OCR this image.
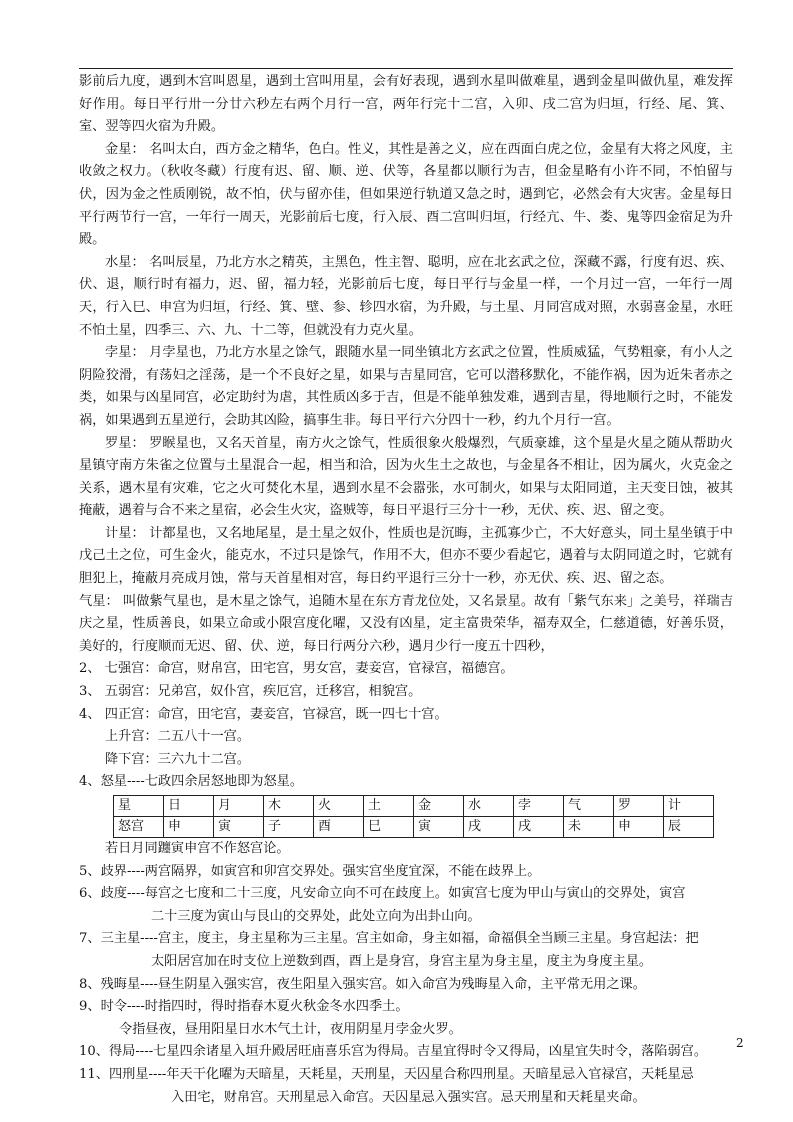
影前后九度，遇到木宫叫恩星，遇到土宫叫用星，会有好表现，遇到水星叫做难星，遇到金星叫做仇星，难发挥好作用。每日平行卅一分廿六秒左右两个月行一宫，两年行完十二宫，入卯、戌二宫为归垣，行经、尾、箕、室、翌等四火宿为升殿。

金星： 名叫太白，西方金之精华，色白。性义，其性是善之义，应在西面白虎之位，金星有大将之风度，主收敛之权力。（秋收冬藏）行度有迟、留、顺、逆、伏等，各星都以顺行为吉，但金星略有小许不同，不怕留与伏，因为金之性质刚锐，故不怕，伏与留亦佳，但如果逆行轨道又急之时，遇到它，必然会有大灾害。金星每日平行两节行一宫，一年行一周天，光影前后七度，行入辰、酉二宫叫归垣，行经亢、牛、娄、鬼等四金宿足为升殿。

水星： 名叫辰星，乃北方水之精英，主黑色，性主智、聪明，应在北玄武之位，深藏不露，行度有迟、疾、伏、退，顺行时有福力，迟、留，福力轻，光影前后七度，每日平行与金星一样，一个月过一宫，一年行一周天，行入巳、申宫为归垣，行经、箕、壁、参、轸四水宿，为升殿，与土星、月同宫成对照，水弱喜金星，水旺不怕土星，四季三、六、九、十二等，但就没有力克火星。

孛星： 月孛星也，乃北方水星之馀气，跟随水星一同坐镇北方玄武之位置，性质威猛，气势粗豪，有小人之阴险狡滑，有荡妇之淫荡，是一个不良好之星，如果与吉星同宫，它可以潜移默化，不能作祸，因为近朱者赤之类，如果与凶星同宫，必定助纣为虐，其性质凶多于吉，但是不能单独发难，遇到吉星，得地顺行之时，不能发祸，如果遇到五星逆行，会助其凶险，搞事生非。每日平行六分四十一秒，约九个月行一宫。

罗星： 罗睺星也，又名天首星，南方火之馀气，性质很象火般爆烈，气质豪雄，这个星是火星之随从帮助火星镇守南方朱雀之位置与土星混合一起，相当和洽，因为火生土之故也，与金星各不相让，因为属火，火克金之关系，遇木星有灾难，它之火可焚化木星，遇到水星不会嚣张，水可制火，如果与太阳同道，主天变日蚀，被其掩蔽，遇着与合不来之星宿，必会生火灾，盗贼等，每日平退行三分十一秒，无伏、疾、迟、留之变。

计星： 计都星也，又名地尾星，是土星之奴仆，性质也是沉晦，主孤寡少亡，不大好意头，同土星坐镇于中戊己土之位，可生金火，能克水，不过只是馀气，作用不大，但亦不要少看起它，遇着与太阴同道之时，它就有胆犯上，掩蔽月亮成月蚀，常与天首星相对宫，每日约平退行三分十一秒，亦无伏、疾、迟、留之态。

气星： 叫做紫气星也，是木星之馀气，追随木星在东方青龙位处，又名景星。故有「紫气东来」之美号，祥瑞吉庆之星，性质善良，如果立命或小限宫度化曜，又没有凶星，定主富贵荣华，福寿双全，仁慈道德，好善乐贤，美好的，行度顺而无迟、留、伏、逆，每日行两分六秒，遇月少行一度五十四秒，

2、 七强宫：命宫，财帛宫，田宅宫，男女宫，妻妾宫，官禄宫，福德宫。

3、 五弱宫：兄弟宫，奴仆宫，疾厄宫，迁移宫，相貌宫。

4、 四正宫：命宫，田宅宫，妻妾宫，官禄宫，既一四七十宫。

上升宫：二五八十一宫。

降下宫：三六九十二宫。

4、怒星----七政四余居怒地即为怒星。

星	日	月	木	火	土	金	水	孛	气	罗	计
怒宫	申	寅	子	酉	巳	寅	戌	戌	未	申	辰

若日月同躔寅申宫不作怒宫论。

5、歧界----两宫隔界，如寅宫和卯宫交界处。强实宫坐度宜深，不能在歧界上。

6、歧度----每宫之七度和二十三度，凡安命立向不可在歧度上。如寅宫七度为甲山与寅山的交界处，寅宫

二十三度为寅山与艮山的交界处，此处立向为出卦山向。

7、三主星----宫主，度主，身主星称为三主星。宫主如命，身主如福，命福俱全当顾三主星。身宫起法：把

太阳居宫加在时支位上逆数到酉，酉上是身宫，身宫主星为身主星，度主为身度主星。

8、残晦星----昼生阴星入强实宫，夜生阳星入强实宫。如入命宫为残晦星入命，主平常无用之课。

9、时令----时指四时，得时指春木夏火秋金冬水四季土。

令指昼夜，昼用阳星日水木气土计，夜用阴星月孛金火罗。

10、得局----七星四余诸星入垣升殿居旺庙喜乐宫为得局。吉星宜得时令又得局，凶星宜失时令，落陷弱宫。

11、四刑星----年天干化曜为天暗星，天耗星，天刑星，天囚星合称四刑星。天暗星忌入官禄宫，天耗星忌

入田宅，财帛宫。天刑星忌入命宫。天囚星忌入强实宫。忌天刑星和天耗星夹命。

2
